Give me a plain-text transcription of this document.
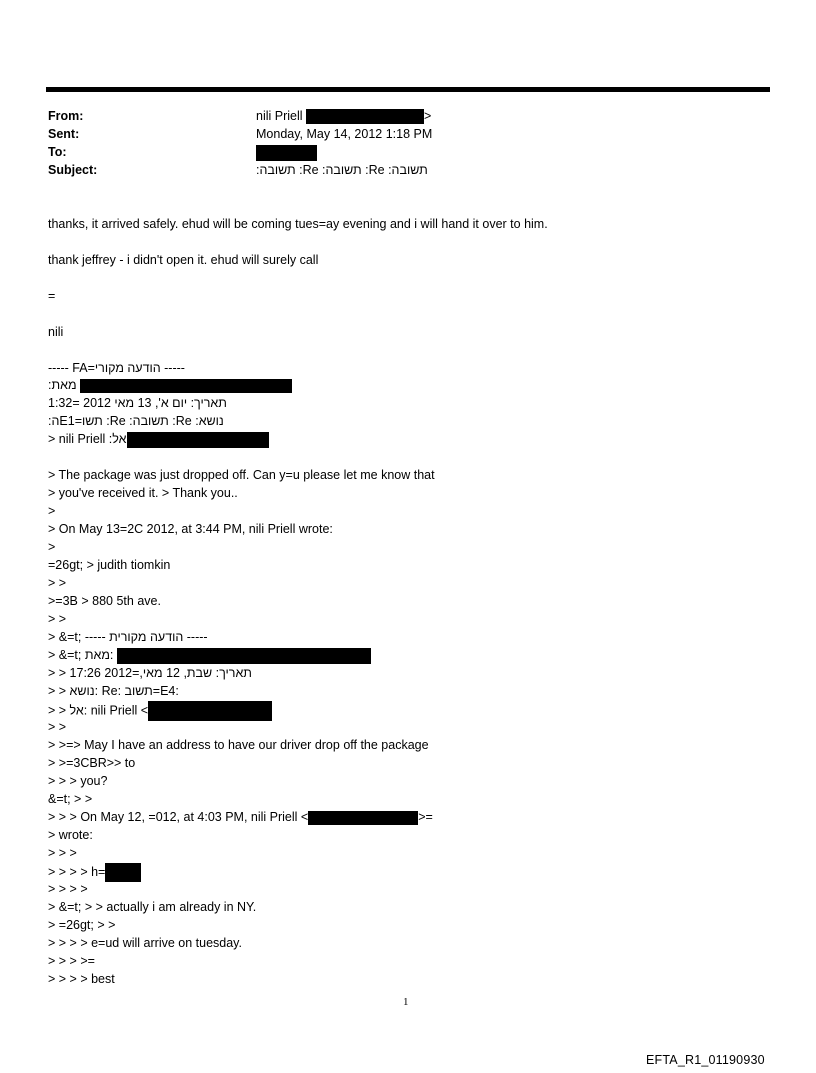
From:	nili Priell	>
Sent:	Monday, May 14, 2012 1:18 PM
To:
Subject:	תשובה: Re: תשובה: Re: תשובה:
thanks, it arrived safely. ehud will be coming tues=ay evening and i will hand it over to him.
thank jeffrey - i didn't open it. ehud will surely call
=
nili
----- הודעה מקורי=FA -----
מאת:
תאריך: יום א', 13 מאי 2012 =1:32
נושא: Re: תשובה: Re: תשו=E1ה:
אל: nili Priell <
> The package was just dropped off. Can y=u please let me know that
> you've received it. > Thank you..
>
> On May 13=2C 2012, at 3:44 PM, nili Priell wrote:
>
=26gt; > judith tiomkin
> >
>=3B > 880 5th ave.
> >
> &=t; ----- הודעה מקורית -----
> &=t; מאת:
> > תאריך: שבת, 12 מאי,=2012 17:26
> > נושא: Re: תשוב=E4:
> > אל: nili Priell <
> >
> >=> May I have an address to have our driver drop off the package
> >=3CBR>> to
> > > you?
&=t; > >
> > > On May 12, =012, at 4:03 PM, nili Priell <	>=
> wrote:
> > >
> > > > h=
> > > >
> &=t; > > actually i am already in NY.
> =26gt; > >
> > > > e=ud will arrive on tuesday.
> > > >=
> > > > best
1
EFTA_R1_01190930
